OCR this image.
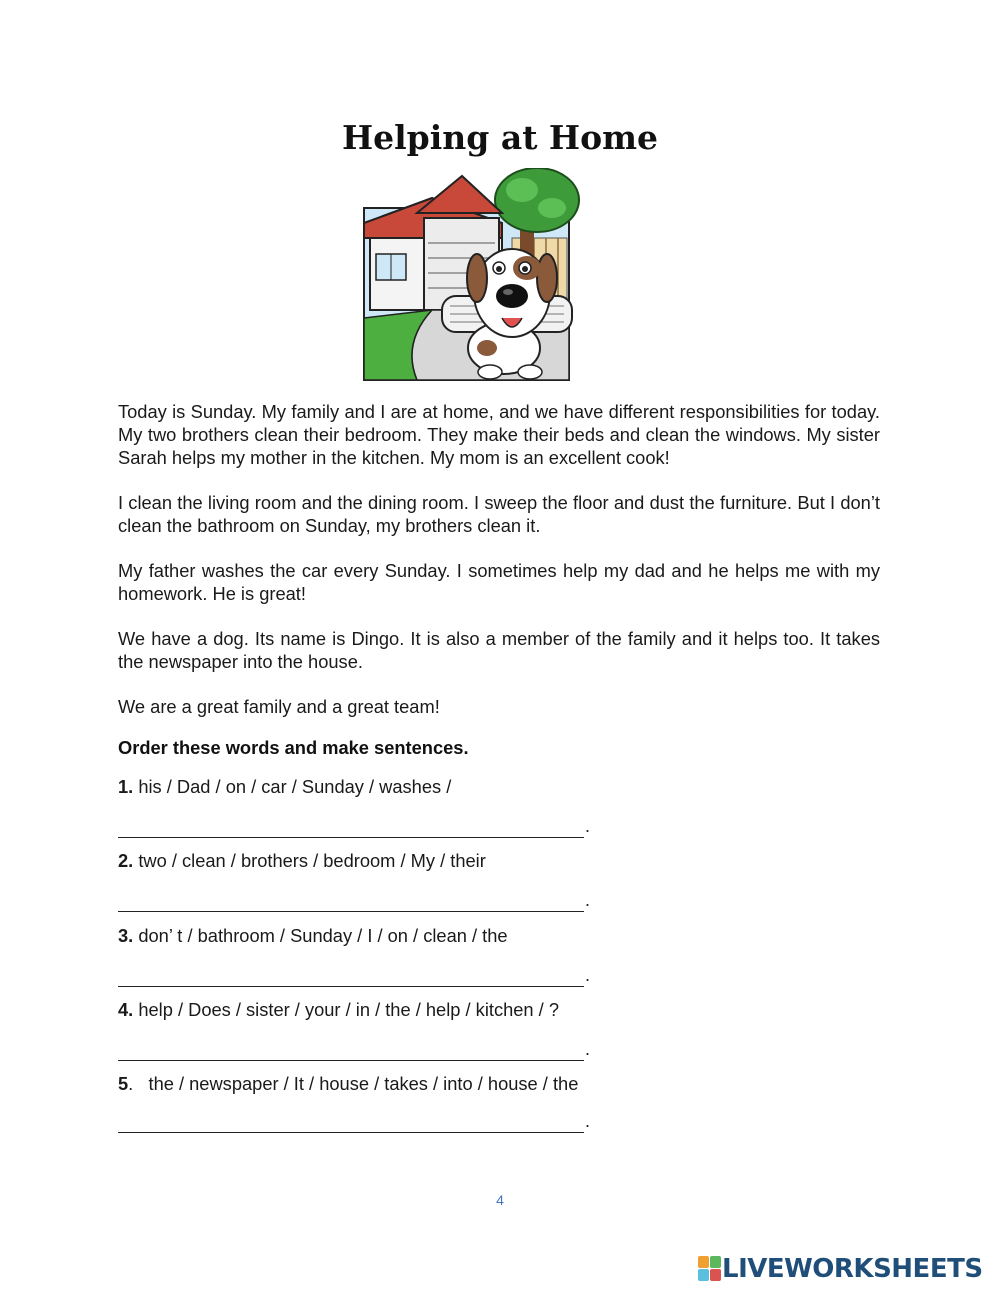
Helping at Home

Today is Sunday. My family and I are at home, and we have different responsibilities for today. My two brothers clean their bedroom. They make their beds and clean the windows. My sister Sarah helps my mother in the kitchen. My mom is an excellent cook!

I clean the living room and the dining room. I sweep the floor and dust the furniture. But I don’t clean the bathroom on Sunday, my brothers clean it.

My father washes the car every Sunday. I sometimes help my dad and he helps me with my homework. He is great!

We have a dog. Its name is Dingo. It is also a member of the family and it helps too. It takes the newspaper into the house.

We are a great family and a great team!

Order these words and make sentences.

1. his / Dad / on / car / Sunday / washes /
.
2. two / clean / brothers / bedroom / My / their
.
3. don’ t / bathroom / Sunday / I / on / clean / the
.
4. help / Does / sister / your / in / the / help / kitchen / ?
.
5.   the / newspaper / It / house / takes / into / house / the
.
4
LIVEWORKSHEETS
